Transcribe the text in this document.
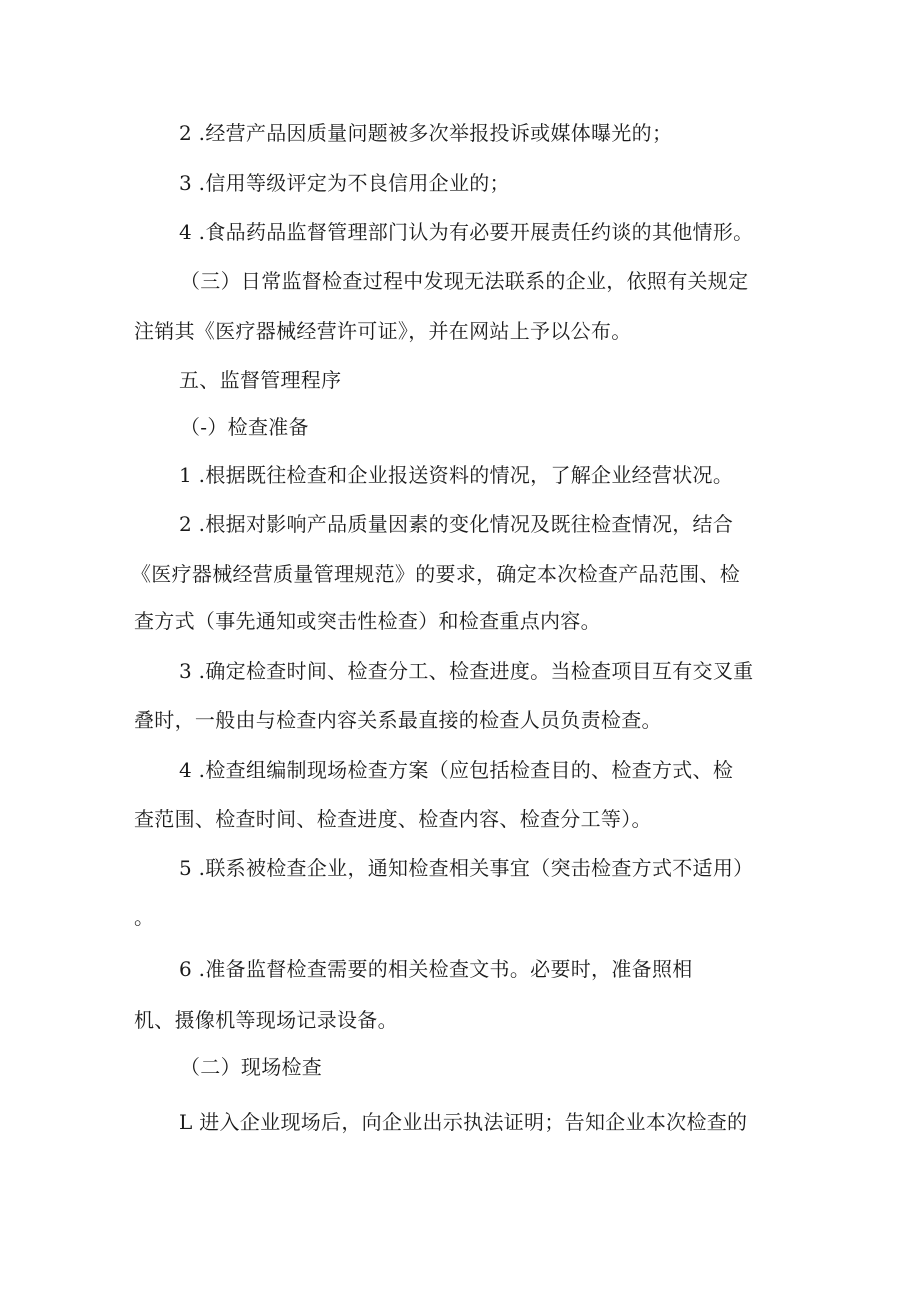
2 .经营产品因质量问题被多次举报投诉或媒体曝光的；
3 .信用等级评定为不良信用企业的；
4 .食品药品监督管理部门认为有必要开展责任约谈的其他情形。
（三）日常监督检查过程中发现无法联系的企业，依照有关规定
注销其《医疗器械经营许可证》，并在网站上予以公布。
五、监督管理程序
（-）检查准备
1 .根据既往检查和企业报送资料的情况，了解企业经营状况。
2 .根据对影响产品质量因素的变化情况及既往检查情况，结合
《医疗器械经营质量管理规范》的要求，确定本次检查产品范围、检
查方式（事先通知或突击性检查）和检查重点内容。
3 .确定检查时间、检查分工、检查进度。当检查项目互有交叉重
叠时，一般由与检查内容关系最直接的检查人员负责检查。
4 .检查组编制现场检查方案（应包括检查目的、检查方式、检
查范围、检查时间、检查进度、检查内容、检查分工等）。
5 .联系被检查企业，通知检查相关事宜（突击检查方式不适用）
。
6 .准备监督检查需要的相关检查文书。必要时，准备照相
机、摄像机等现场记录设备。
（二）现场检查
L 进入企业现场后，向企业出示执法证明；告知企业本次检查的
